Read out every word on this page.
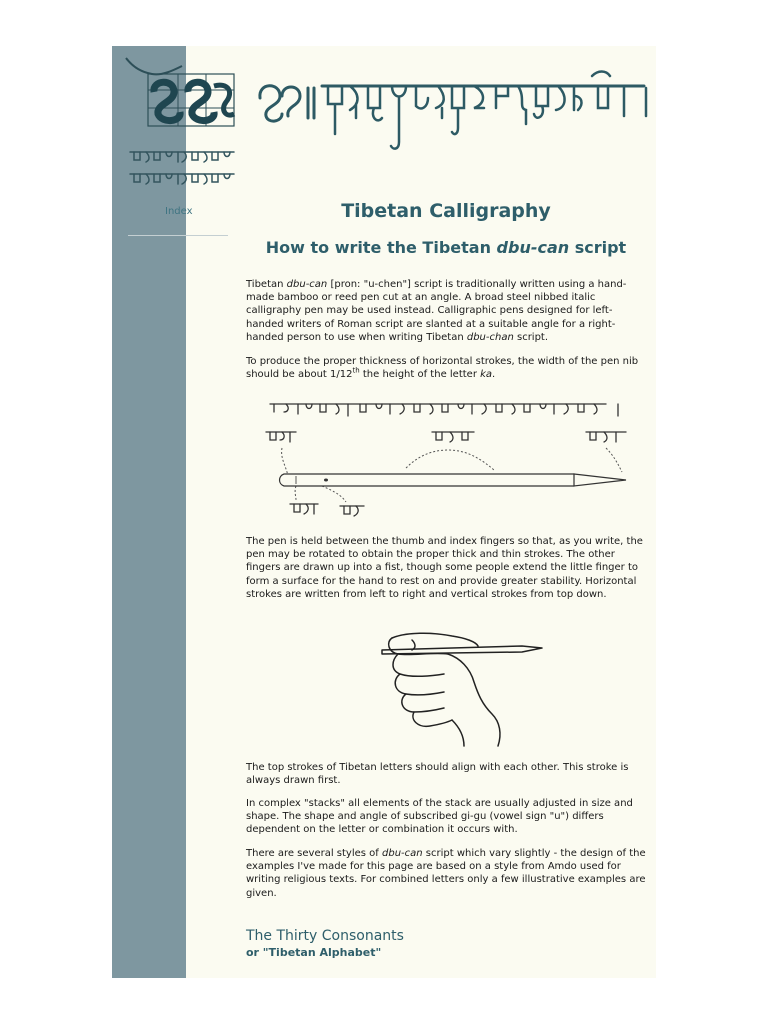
Index	Tibetan Calligraphy
How to write the Tibetan dbu-can script

Tibetan dbu-can [pron: "u-chen"] script is traditionally written using a hand-made bamboo or reed pen cut at an angle. A broad steel nibbed italic calligraphy pen may be used instead. Calligraphic pens designed for left-handed writers of Roman script are slanted at a suitable angle for a right-handed person to use when writing Tibetan dbu-chan script.

To produce the proper thickness of horizontal strokes, the width of the pen nib should be about 1/12th the height of the letter ka.

The pen is held between the thumb and index fingers so that, as you write, the pen may be rotated to obtain the proper thick and thin strokes. The other fingers are drawn up into a fist, though some people extend the little finger to form a surface for the hand to rest on and provide greater stability. Horizontal strokes are written from left to right and vertical strokes from top down.

The top strokes of Tibetan letters should align with each other. This stroke is always drawn first.

In complex "stacks" all elements of the stack are usually adjusted in size and shape. The shape and angle of subscribed gi-gu (vowel sign "u") differs dependent on the letter or combination it occurs with.

There are several styles of dbu-can script which vary slightly - the design of the examples I've made for this page are based on a style from Amdo used for writing religious texts. For combined letters only a few illustrative examples are given.

The Thirty Consonants
or "Tibetan Alphabet"
